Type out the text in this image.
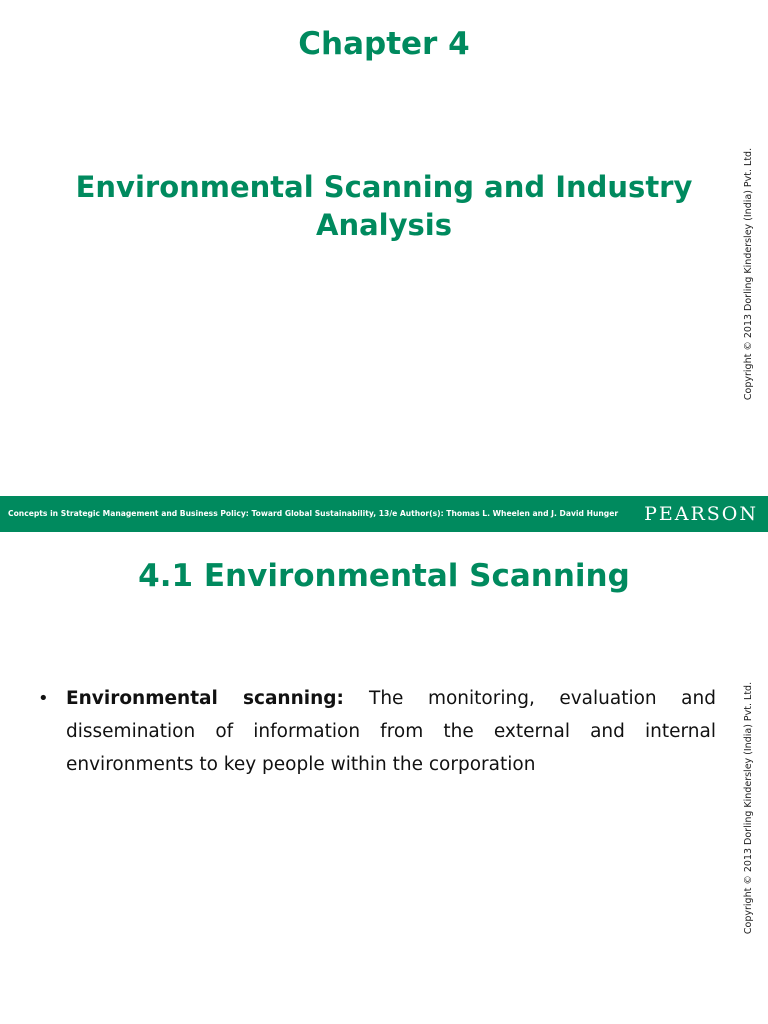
Chapter 4
Environmental Scanning and Industry Analysis	Copyright © 2013 Dorling Kindersley (India) Pvt. Ltd.
Concepts in Strategic Management and Business Policy: Toward Global Sustainability, 13/e Author(s): Thomas L. Wheelen and J. David Hunger PEARSON
4.1 Environmental Scanning
• Environmental scanning: The monitoring, evaluation and dissemination of information from the external and internal environments to key people within the corporation	Copyright © 2013 Dorling Kindersley (India) Pvt. Ltd.
